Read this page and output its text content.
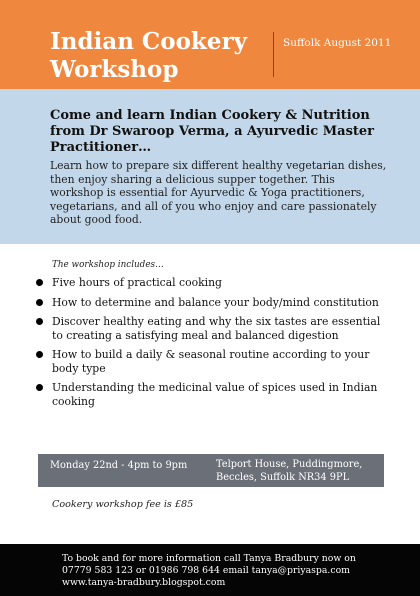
Indian Cookery Workshop
Suffolk August 2011
Come and learn Indian Cookery & Nutrition from Dr Swaroop Verma, a Ayurvedic Master Practitioner…
Learn how to prepare six different healthy vegetarian dishes, then enjoy sharing a delicious supper together. This workshop is essential for Ayurvedic & Yoga practitioners, vegetarians, and all of you who enjoy and care passionately about good food.
The workshop includes…
Five hours of practical cooking
How to determine and balance your body/mind constitution
Discover healthy eating and why the six tastes are essential to creating a satisfying meal and balanced digestion
How to build a daily & seasonal routine according to your body type
Understanding the medicinal value of spices used in Indian cooking
Monday 22nd - 4pm to 9pm	Telport House, Puddingmore,
Beccles, Suffolk NR34 9PL
Cookery workshop fee is £85
To book and for more information call Tanya Bradbury now on
07779 583 123 or 01986 798 644 email tanya@priyaspa.com
www.tanya-bradbury.blogspot.com
